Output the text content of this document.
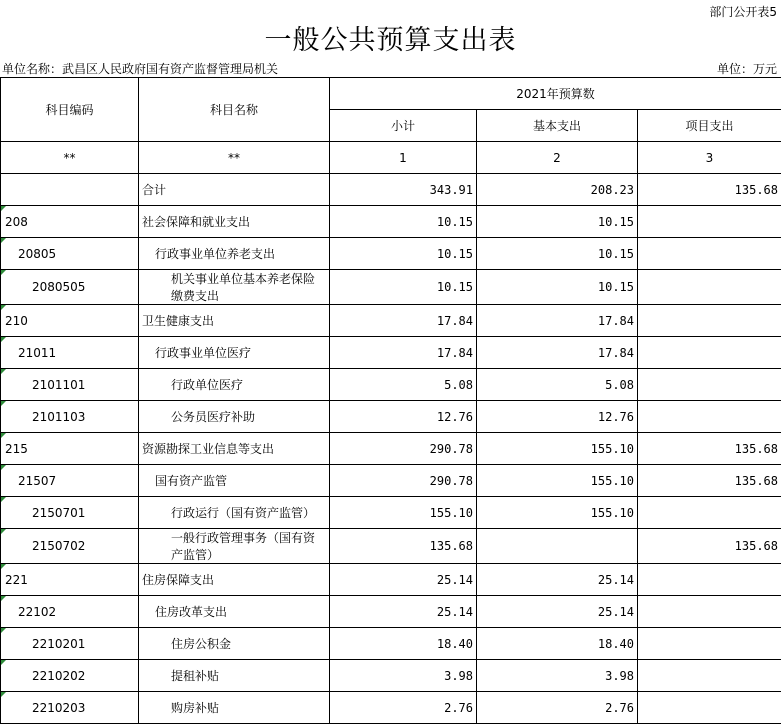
部门公开表5
一般公共预算支出表
单位名称：武昌区人民政府国有资产监督管理局机关	单位：万元
科目编码	科目名称	2021年预算数		
		小计	基本支出	项目支出
**	**	1	2	3
	合计	343.91	208.23	135.68

208	社会保障和就业支出	10.15	10.15	

20805	行政事业单位养老支出	10.15	10.15	

2080505	机关事业单位基本养老保险缴费支出	10.15	10.15	

210	卫生健康支出	17.84	17.84	

21011	行政事业单位医疗	17.84	17.84	

2101101	行政单位医疗	5.08	5.08	

2101103	公务员医疗补助	12.76	12.76	

215	资源勘探工业信息等支出	290.78	155.10	135.68

21507	国有资产监管	290.78	155.10	135.68

2150701	行政运行（国有资产监管）	155.10	155.10	

2150702	一般行政管理事务（国有资产监管）	135.68		135.68

221	住房保障支出	25.14	25.14	

22102	住房改革支出	25.14	25.14	

2210201	住房公积金	18.40	18.40	

2210202	提租补贴	3.98	3.98	

2210203	购房补贴	2.76	2.76	
